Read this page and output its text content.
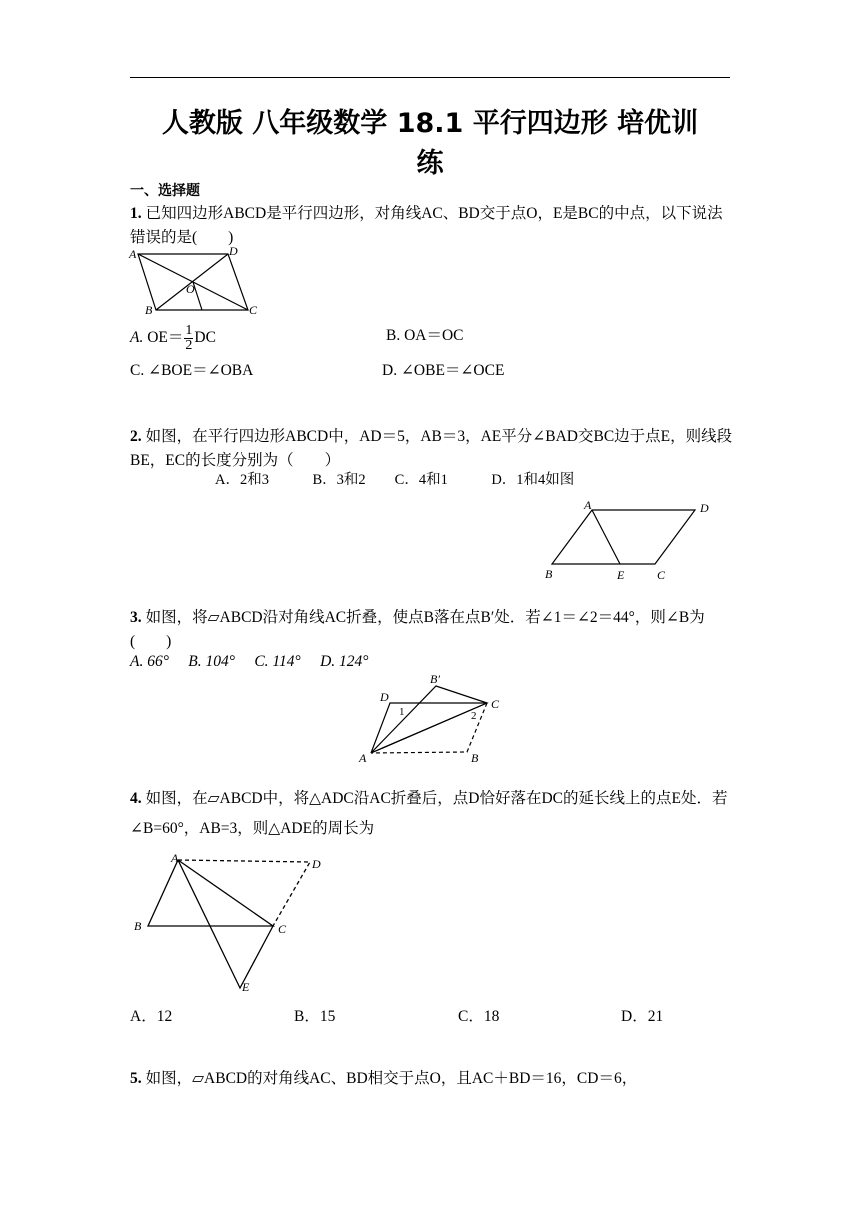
人教版 八年级数学 18.1 平行四边形 培优训
练
一、选择题
1. 已知四边形ABCD是平行四边形，对角线AC、BD交于点O，E是BC的中点，以下说法错误的是(　　)
A	D
B	C
O
A. $OE= \frac{1}{2}$ DC	B. OA＝OC
C. ∠BOE＝∠OBA	D. ∠OBE＝∠OCE
2. 如图，在平行四边形ABCD中，AD＝5，AB＝3，AE平分∠BAD交BC边于点E，则线段BE，EC的长度分别为（　　）
A．2和3　　　B．3和2　　C．4和1　　　D．1和4如图
A	D
B	E	C
3. 如图，将▱ABCD沿对角线AC折叠，使点B落在点B′处．若∠1＝∠2＝44°，则∠B为(　　)
A. 66°　 B. 104°　 C. 114°　 D. 124°
A
D
B′
C
B
1	2
4. 如图，在▱ABCD中，将△ADC沿AC折叠后，点D恰好落在DC的延长线上的点E处．若∠B=60°，AB=3，则△ADE的周长为
A	D
B	C
E
A．12	B．15	C．18	D．21
5. 如图，▱ABCD的对角线AC、BD相交于点O，且AC＋BD＝16，CD＝6，
